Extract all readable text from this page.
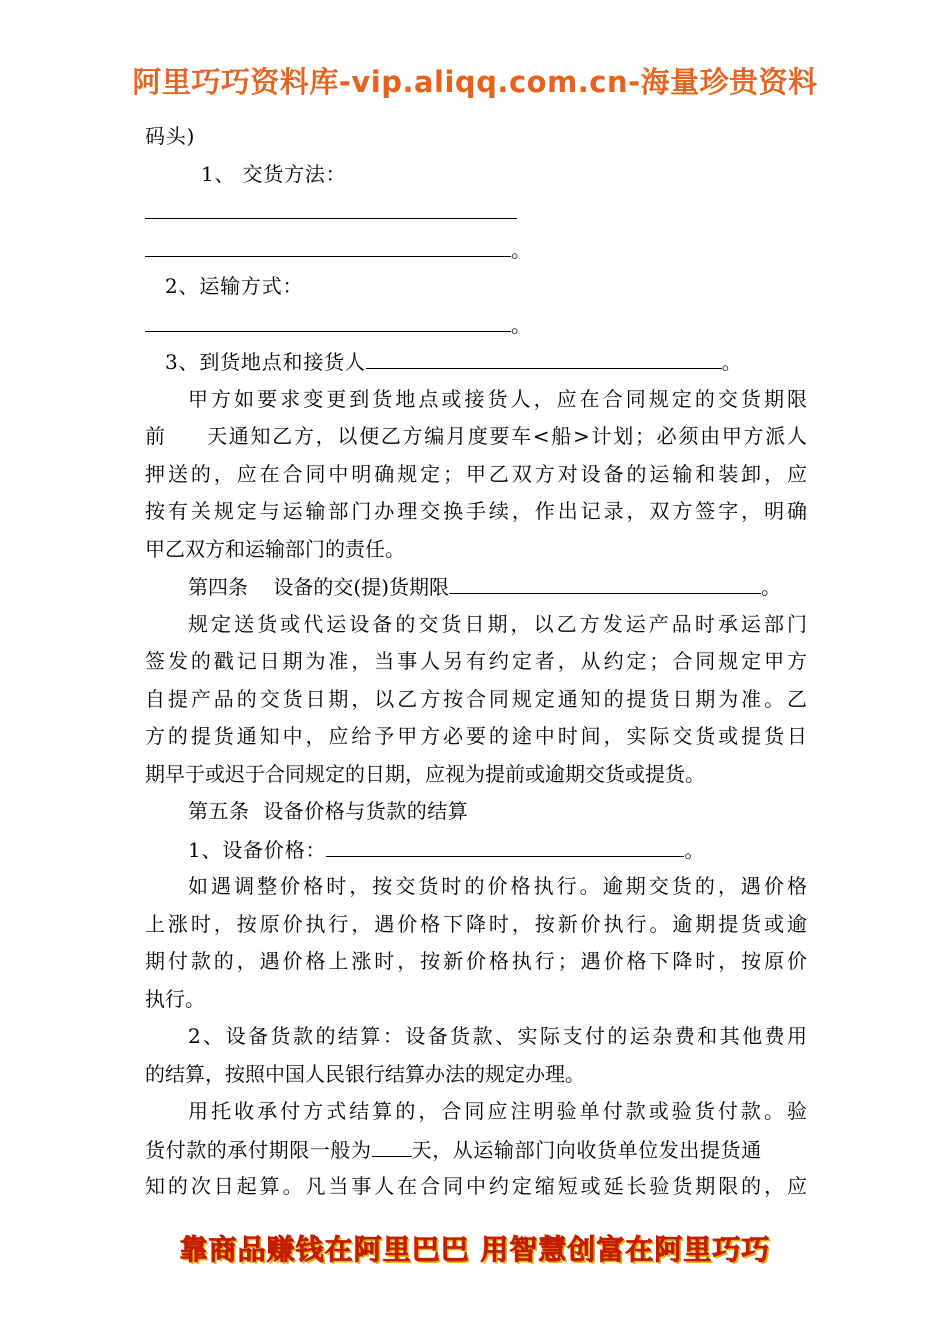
阿里巧巧资料库-vip.aliqq.com.cn-海量珍贵资料
码头)
1、 交货方法：
。
2、运输方式：
。
3、到货地点和接货人	。
甲方如要求变更到货地点或接货人，应在合同规定的交货期限
前     天通知乙方，以便乙方编月度要车<船>计划；必须由甲方派人
押送的，应在合同中明确规定；甲乙双方对设备的运输和装卸，应
按有关规定与运输部门办理交换手续，作出记录，双方签字，明确
甲乙双方和运输部门的责任。
第四条    设备的交(提)货期限	。
规定送货或代运设备的交货日期，以乙方发运产品时承运部门
签发的戳记日期为准，当事人另有约定者，从约定；合同规定甲方
自提产品的交货日期，以乙方按合同规定通知的提货日期为准。乙
方的提货通知中，应给予甲方必要的途中时间，实际交货或提货日
期早于或迟于合同规定的日期，应视为提前或逾期交货或提货。
第五条  设备价格与货款的结算
1、设备价格：	。
如遇调整价格时，按交货时的价格执行。逾期交货的，遇价格
上涨时，按原价执行，遇价格下降时，按新价执行。逾期提货或逾
期付款的，遇价格上涨时，按新价格执行；遇价格下降时，按原价
执行。
2、设备货款的结算：设备货款、实际支付的运杂费和其他费用
的结算，按照中国人民银行结算办法的规定办理。
用托收承付方式结算的，合同应注明验单付款或验货付款。验
货付款的承付期限一般为 天，从运输部门向收货单位发出提货通
知的次日起算。凡当事人在合同中约定缩短或延长验货期限的，应
靠商品赚钱在阿里巴巴 用智慧创富在阿里巧巧
